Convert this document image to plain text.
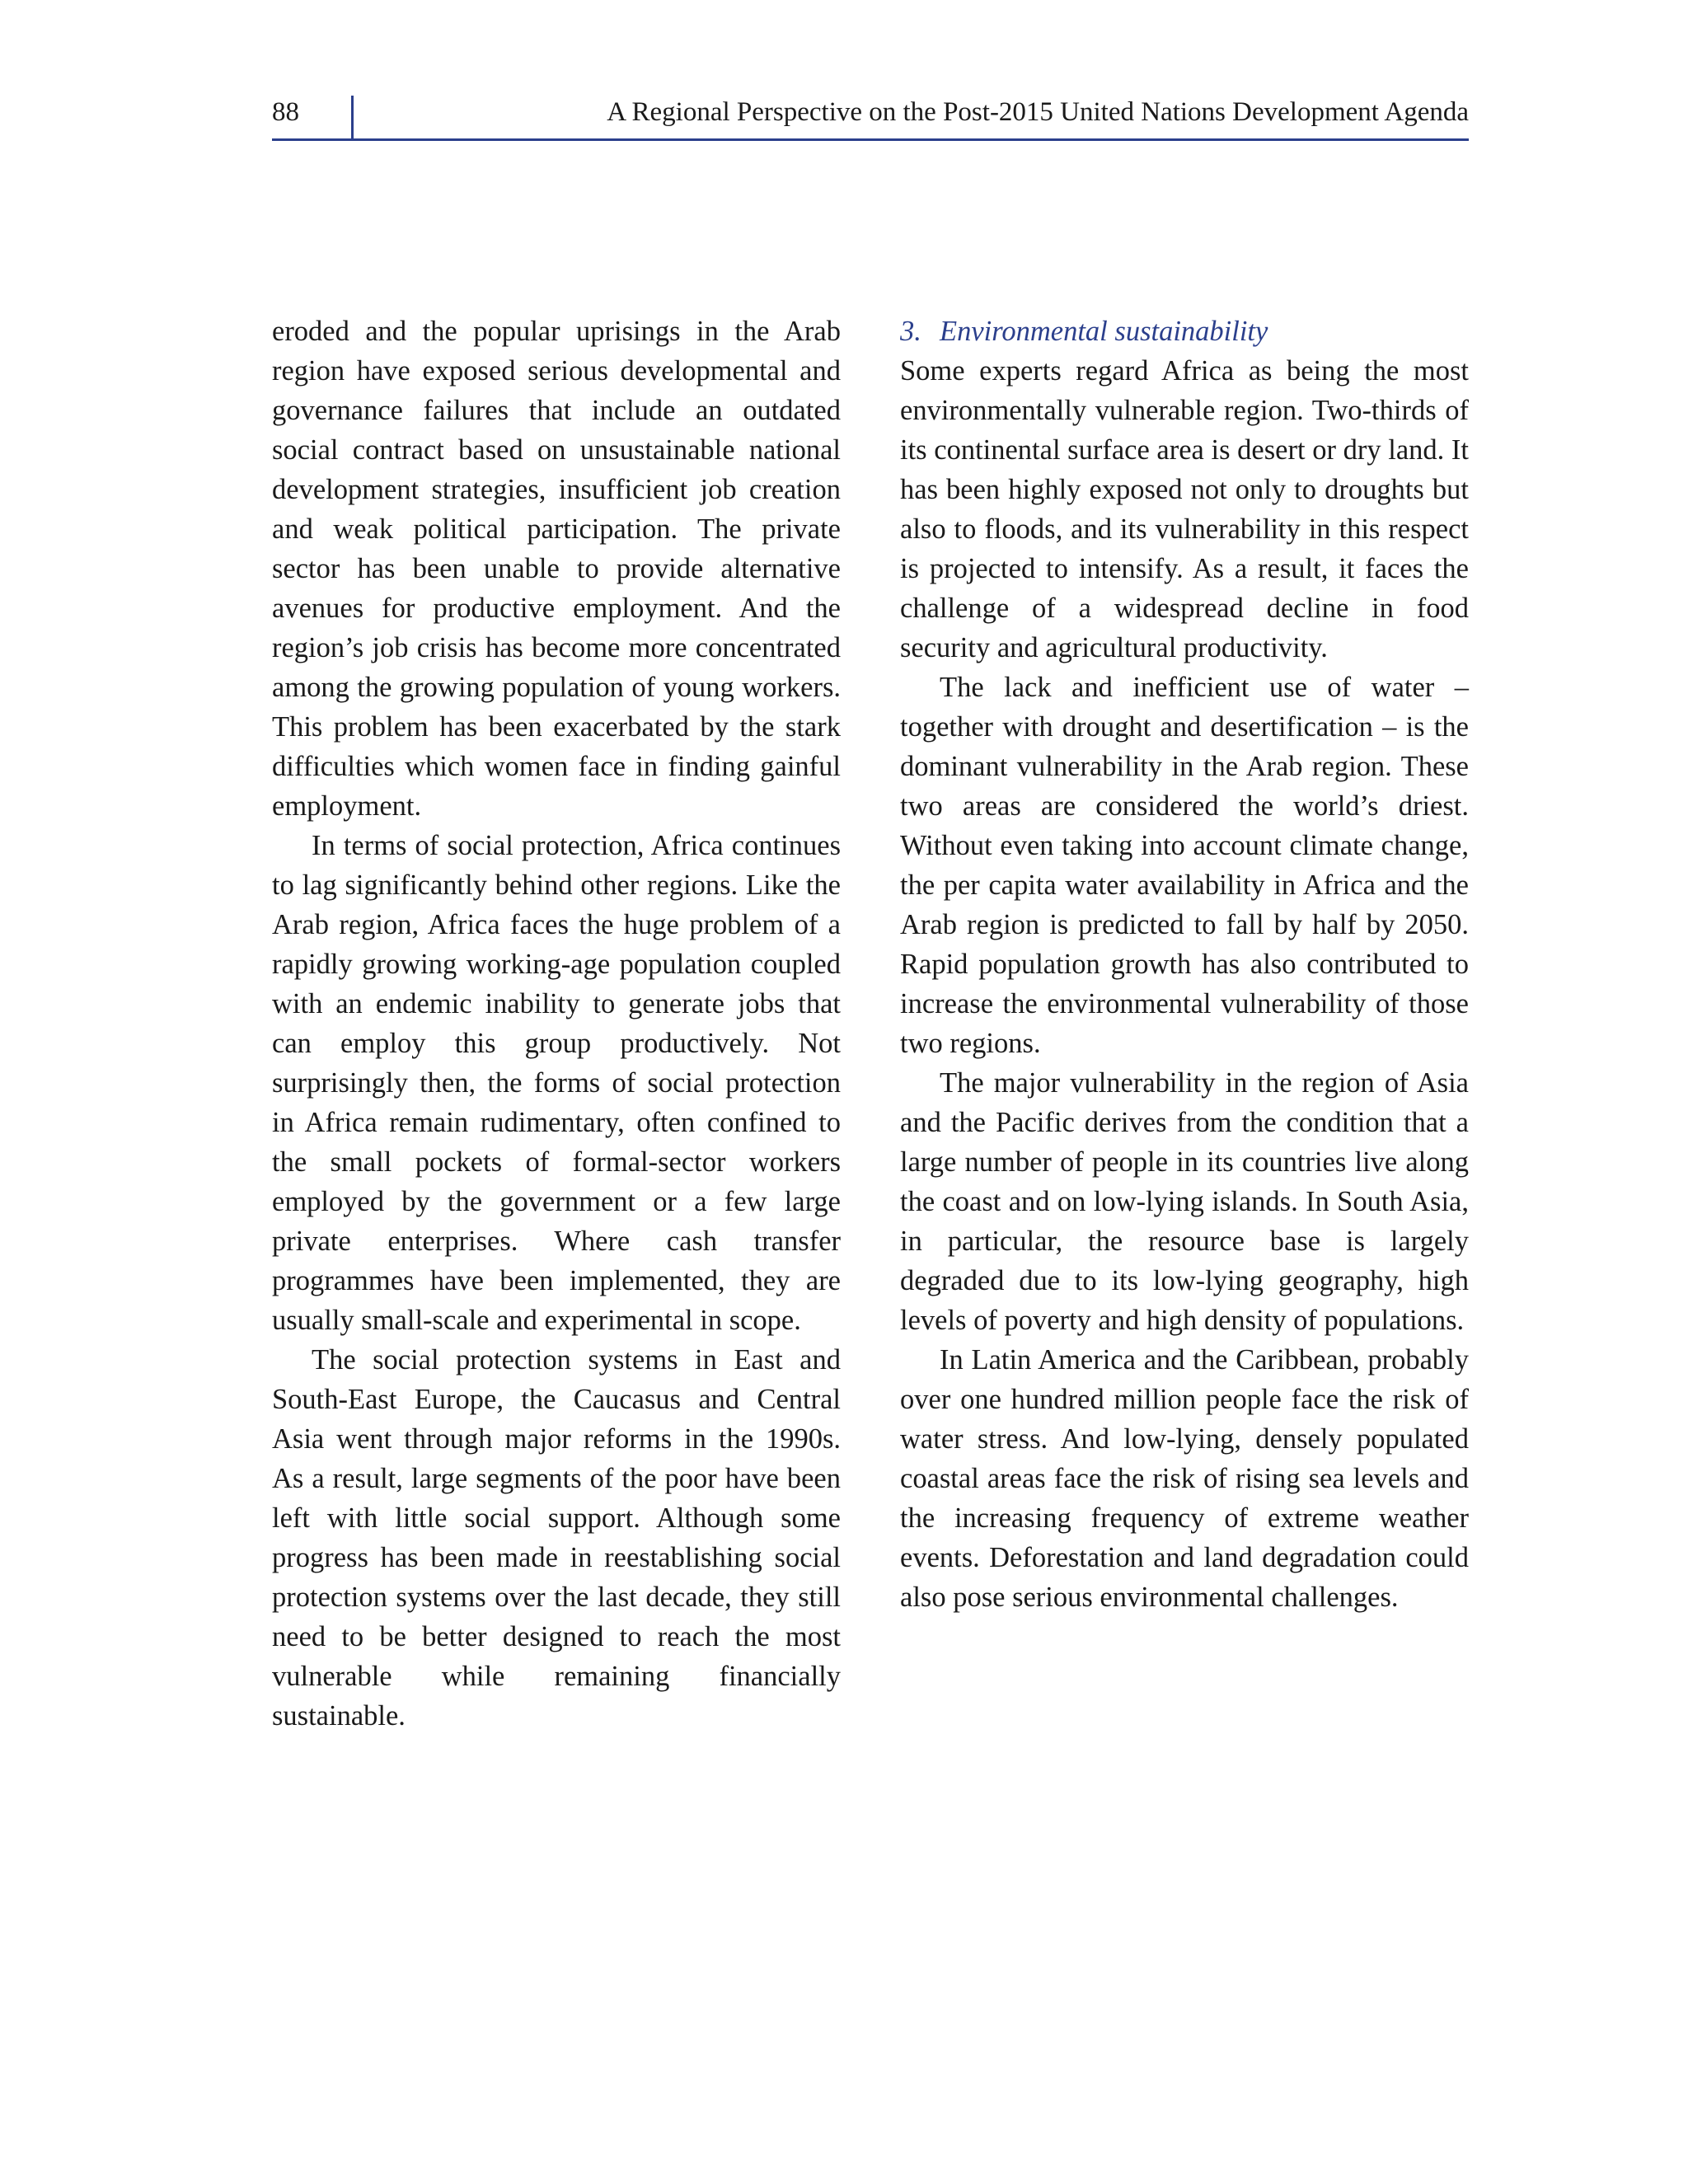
88	A Regional Perspective on the Post-2015 United Nations Development Agenda

eroded and the popular uprisings in the Arab region have exposed serious developmental and governance failures that include an outdated social contract based on unsustainable national development strategies, insufficient job creation and weak political participation. The private sector has been unable to provide alternative avenues for productive employment. And the region’s job crisis has become more concentrated among the growing population of young workers. This problem has been exacerbated by the stark difficulties which women face in finding gainful employment.

In terms of social protection, Africa continues to lag significantly behind other regions. Like the Arab region, Africa faces the huge problem of a rapidly growing working-age population coupled with an endemic inability to generate jobs that can employ this group productively. Not surprisingly then, the forms of social protection in Africa remain rudimentary, often confined to the small pockets of formal-sector workers employed by the government or a few large private enterprises. Where cash transfer programmes have been implemented, they are usually small-scale and experimental in scope.

The social protection systems in East and South-East Europe, the Caucasus and Central Asia went through major reforms in the 1990s. As a result, large segments of the poor have been left with little social support. Although some progress has been made in reestablishing social protection systems over the last decade, they still need to be better designed to reach the most vulnerable while remaining financially sustainable.

3. Environmental sustainability

Some experts regard Africa as being the most environmentally vulnerable region. Two-thirds of its continental surface area is desert or dry land. It has been highly exposed not only to droughts but also to floods, and its vulnerability in this respect is projected to intensify. As a result, it faces the challenge of a widespread decline in food security and agricultural productivity.

The lack and inefficient use of water – together with drought and desertification – is the dominant vulnerability in the Arab region. These two areas are considered the world’s driest. Without even taking into account climate change, the per capita water availability in Africa and the Arab region is predicted to fall by half by 2050. Rapid population growth has also contributed to increase the environmental vulnerability of those two regions.

The major vulnerability in the region of Asia and the Pacific derives from the condition that a large number of people in its countries live along the coast and on low-lying islands. In South Asia, in particular, the resource base is largely degraded due to its low-lying geography, high levels of poverty and high density of populations.

In Latin America and the Caribbean, probably over one hundred million people face the risk of water stress. And low-lying, densely populated coastal areas face the risk of rising sea levels and the increasing frequency of extreme weather events. Deforestation and land degradation could also pose serious environmental challenges.
